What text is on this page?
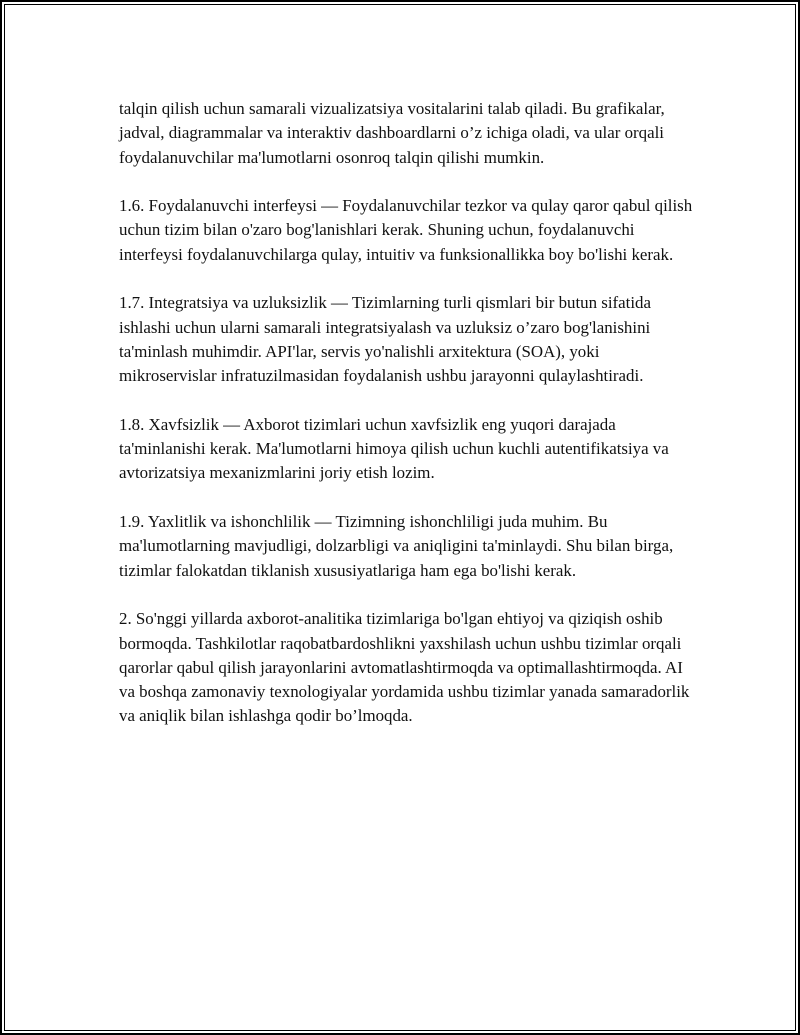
talqin qilish uchun samarali vizualizatsiya vositalarini talab qiladi. Bu grafikalar, jadval, diagrammalar va interaktiv dashboardlarni o’z ichiga oladi, va ular orqali foydalanuvchilar ma'lumotlarni osonroq talqin qilishi mumkin.

1.6. Foydalanuvchi interfeysi — Foydalanuvchilar tezkor va qulay qaror qabul qilish uchun tizim bilan o'zaro bog'lanishlari kerak. Shuning uchun, foydalanuvchi interfeysi foydalanuvchilarga qulay, intuitiv va funksionallikka boy bo'lishi kerak.

1.7. Integratsiya va uzluksizlik — Tizimlarning turli qismlari bir butun sifatida ishlashi uchun ularni samarali integratsiyalash va uzluksiz o’zaro bog'lanishini ta'minlash muhimdir. API'lar, servis yo'nalishli arxitektura (SOA), yoki mikroservislar infratuzilmasidan foydalanish ushbu jarayonni qulaylashtiradi.

1.8. Xavfsizlik — Axborot tizimlari uchun xavfsizlik eng yuqori darajada ta'minlanishi kerak. Ma'lumotlarni himoya qilish uchun kuchli autentifikatsiya va avtorizatsiya mexanizmlarini joriy etish lozim.

1.9. Yaxlitlik va ishonchlilik — Tizimning ishonchliligi juda muhim. Bu ma'lumotlarning mavjudligi, dolzarbligi va aniqligini ta'minlaydi. Shu bilan birga, tizimlar falokatdan tiklanish xususiyatlariga ham ega bo'lishi kerak.

2. So'nggi yillarda axborot-analitika tizimlariga bo'lgan ehtiyoj va qiziqish oshib bormoqda. Tashkilotlar raqobatbardoshlikni yaxshilash uchun ushbu tizimlar orqali qarorlar qabul qilish jarayonlarini avtomatlashtirmoqda va optimallashtirmoqda. AI va boshqa zamonaviy texnologiyalar yordamida ushbu tizimlar yanada samaradorlik va aniqlik bilan ishlashga qodir bo’lmoqda.
